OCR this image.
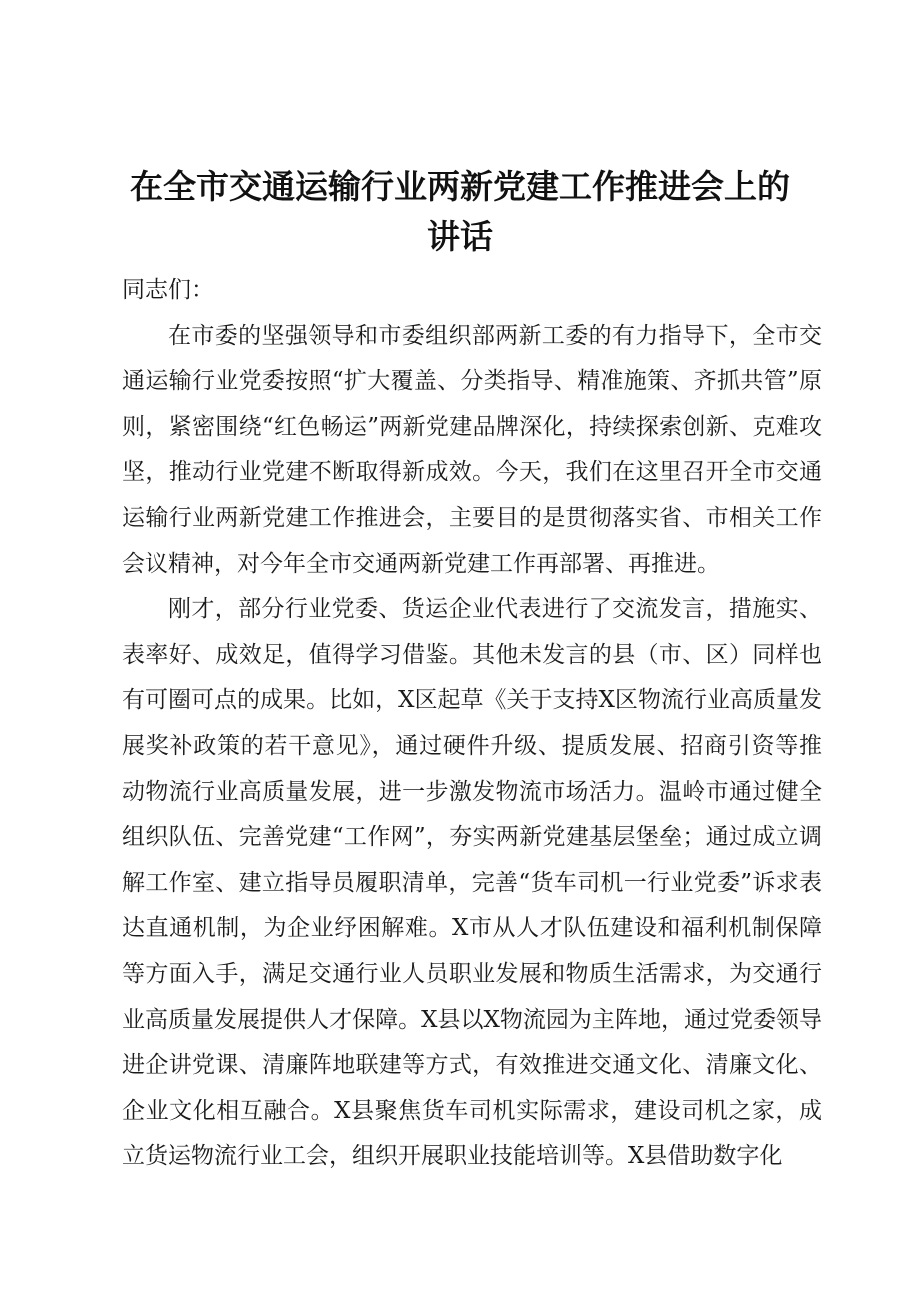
在全市交通运输行业两新党建工作推进会上的讲话

同志们：

在市委的坚强领导和市委组织部两新工委的有力指导下，全市交通运输行业党委按照“扩大覆盖、分类指导、精准施策、齐抓共管”原则，紧密围绕“红色畅运”两新党建品牌深化，持续探索创新、克难攻坚，推动行业党建不断取得新成效。今天，我们在这里召开全市交通运输行业两新党建工作推进会，主要目的是贯彻落实省、市相关工作会议精神，对今年全市交通两新党建工作再部署、再推进。

刚才，部分行业党委、货运企业代表进行了交流发言，措施实、表率好、成效足，值得学习借鉴。其他未发言的县（市、区）同样也有可圈可点的成果。比如，X区起草《关于支持X区物流行业高质量发展奖补政策的若干意见》，通过硬件升级、提质发展、招商引资等推动物流行业高质量发展，进一步激发物流市场活力。温岭市通过健全组织队伍、完善党建“工作网”，夯实两新党建基层堡垒；通过成立调解工作室、建立指导员履职清单，完善“货车司机一行业党委”诉求表达直通机制，为企业纾困解难。X市从人才队伍建设和福利机制保障等方面入手，满足交通行业人员职业发展和物质生活需求，为交通行业高质量发展提供人才保障。X县以X物流园为主阵地，通过党委领导进企讲党课、清廉阵地联建等方式，有效推进交通文化、清廉文化、企业文化相互融合。X县聚焦货车司机实际需求，建设司机之家，成立货运物流行业工会，组织开展职业技能培训等。X县借助数字化
